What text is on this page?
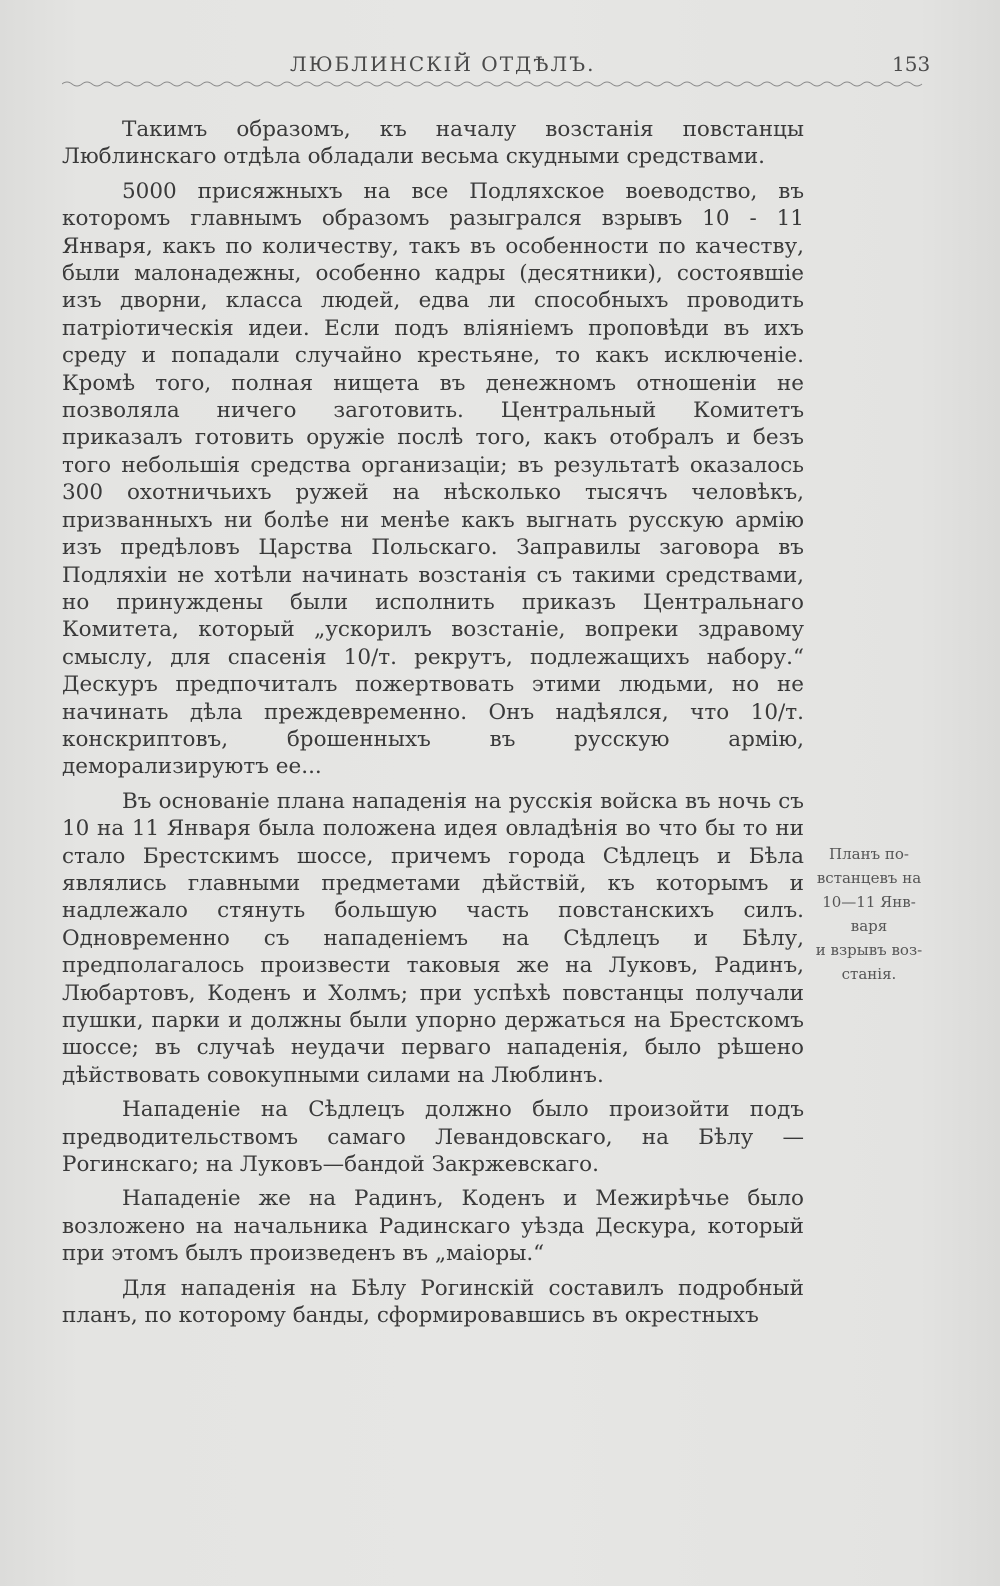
ЛЮБЛИНСКІЙ ОТДѢЛЪ.	153

Такимъ образомъ, къ началу возстанія повстанцы Люблинскаго отдѣла обладали весьма скудными средствами.

5000 присяжныхъ на все Подляхское воеводство, въ которомъ главнымъ образомъ разыгрался взрывъ 10 - 11 Января, какъ по количеству, такъ въ особенности по качеству, были малонадежны, особенно кадры (десятники), состоявшіе изъ дворни, класса людей, едва ли способныхъ проводить патріотическія идеи. Если подъ вліяніемъ проповѣди въ ихъ среду и попадали случайно крестьяне, то какъ исключеніе. Кромѣ того, полная нищета въ денежномъ отношеніи не позволяла ничего заготовить. Центральный Комитетъ приказалъ готовить оружіе послѣ того, какъ отобралъ и безъ того небольшія средства организаціи; въ результатѣ оказалось 300 охотничьихъ ружей на нѣсколько тысячъ человѣкъ, призванныхъ ни болѣе ни менѣе какъ выгнать русскую армію изъ предѣловъ Царства Польскаго. Заправилы заговора въ Подляхіи не хотѣли начинать возстанія съ такими средствами, но принуждены были исполнить приказъ Центральнаго Комитета, который „ускорилъ возстаніе, вопреки здравому смыслу, для спасенія 10/т. рекрутъ, подлежащихъ набору.“ Дескуръ предпочиталъ пожертвовать этими людьми, но не начинать дѣла преждевременно. Онъ надѣялся, что 10/т. конскриптовъ, брошенныхъ въ русскую армію, деморализируютъ ее...

Въ основаніе плана нападенія на русскія войска въ ночь съ 10 на 11 Января была положена идея овладѣнія во что бы то ни стало Брестскимъ шоссе, причемъ города Сѣдлецъ и Бѣла являлись главными предметами дѣйствій, къ которымъ и надлежало стянуть большую часть повстанскихъ силъ. Одновременно съ нападеніемъ на Сѣдлецъ и Бѣлу, предполагалось произвести таковыя же на Луковъ, Радинъ, Любартовъ, Коденъ и Холмъ; при успѣхѣ повстанцы получали пушки, парки и должны были упорно держаться на Брестскомъ шоссе; въ случаѣ неудачи перваго нападенія, было рѣшено дѣйствовать совокупными силами на Люблинъ.

Нападеніе на Сѣдлецъ должно было произойти подъ предводительствомъ самаго Левандовскаго, на Бѣлу — Рогинскаго; на Луковъ—бандой Закржевскаго.

Нападеніе же на Радинъ, Коденъ и Межирѣчье было возложено на начальника Радинскаго уѣзда Дескура, который при этомъ былъ произведенъ въ „маіоры.“

Для нападенія на Бѣлу Рогинскій составилъ подробный планъ, по которому банды, сформировавшись въ окрестныхъ

Планъ по-
встанцевъ на
10—11 Янв-
варя
и взрывъ воз-
станія.
